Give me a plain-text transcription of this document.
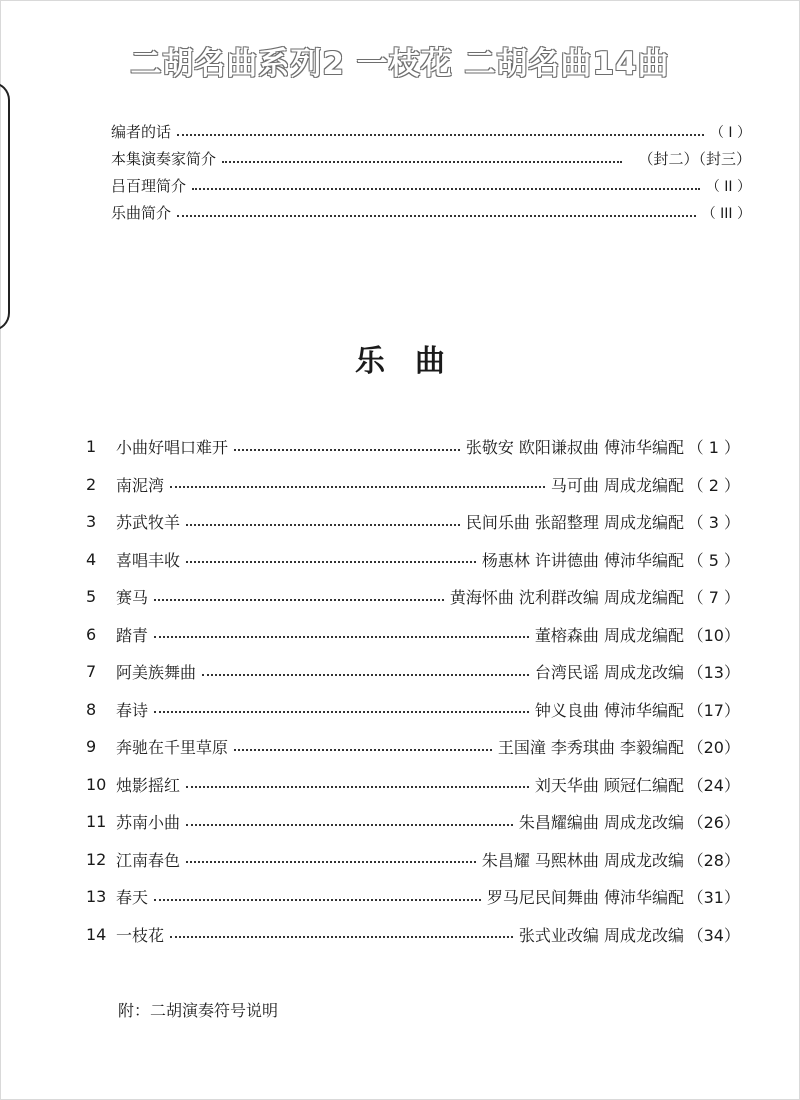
二胡名曲系列2 一枝花 二胡名曲14曲
编者的话	（ I ）
本集演奏家简介	（封二）（封三）
吕百理简介	（ II ）
乐曲简介	（ III ）
乐曲
1	小曲好唱口难开	张敬安 欧阳谦叔曲 傅沛华编配 （ 1 ）
2	南泥湾	马可曲 周成龙编配 （ 2 ）
3	苏武牧羊	民间乐曲 张韶整理 周成龙编配 （ 3 ）
4	喜唱丰收	杨惠林 许讲德曲 傅沛华编配 （ 5 ）
5	赛马	黄海怀曲 沈利群改编 周成龙编配 （ 7 ）
6	踏青	董榕森曲 周成龙编配 （10）
7	阿美族舞曲	台湾民谣 周成龙改编 （13）
8	春诗	钟义良曲 傅沛华编配 （17）
9	奔驰在千里草原	王国潼 李秀琪曲 李毅编配 （20）
10 烛影摇红	刘天华曲 顾冠仁编配 （24）
11 苏南小曲	朱昌耀编曲 周成龙改编 （26）
12 江南春色	朱昌耀 马熙林曲 周成龙改编 （28）
13 春天	罗马尼民间舞曲 傅沛华编配 （31）
14 一枝花	张式业改编 周成龙改编 （34）
附：二胡演奏符号说明
